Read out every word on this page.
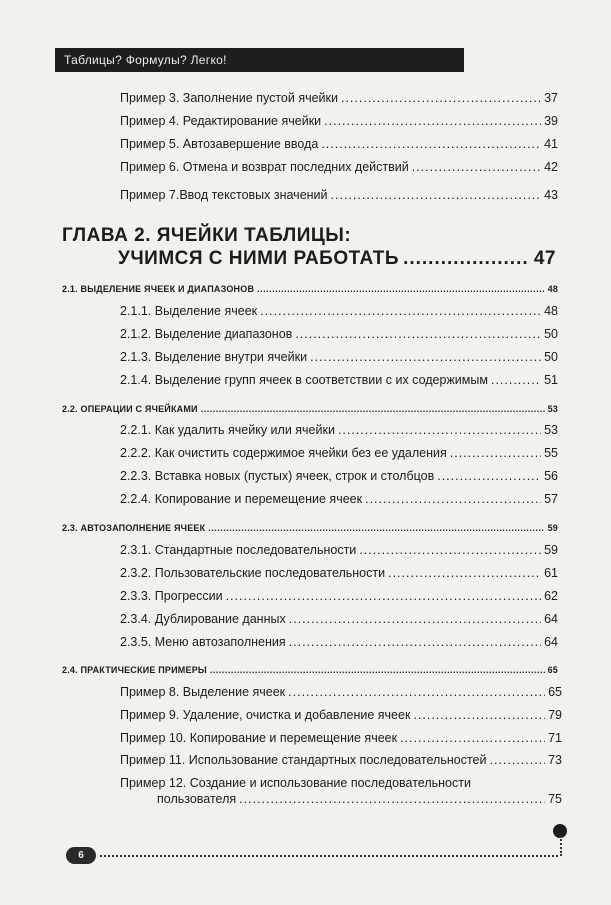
Таблицы? Формулы? Легко!
Пример 3. Заполнение пустой ячейки .....	37
Пример 4. Редактирование ячейки .....	39
Пример 5. Автозавершение ввода .....	41
Пример 6. Отмена и возврат последних действий .....	42
Пример 7.Ввод текстовых значений .....	43
ГЛАВА 2. ЯЧЕЙКИ ТАБЛИЦЫ:
УЧИМСЯ С НИМИ РАБОТАТЬ .....	47
2.1. ВЫДЕЛЕНИЕ ЯЧЕЕК И ДИАПАЗОНОВ .....	48
2.1.1. Выделение ячеек .....	48
2.1.2. Выделение диапазонов .....	50
2.1.3. Выделение внутри ячейки .....	50
2.1.4. Выделение групп ячеек в соответствии с их содержимым .....	51
2.2. ОПЕРАЦИИ С ЯЧЕЙКАМИ .....	53
2.2.1. Как удалить ячейку или ячейки .....	53
2.2.2. Как очистить содержимое ячейки без ее удаления .....	55
2.2.3. Вставка новых (пустых) ячеек, строк и столбцов .....	56
2.2.4. Копирование и перемещение ячеек .....	57
2.3. АВТОЗАПОЛНЕНИЕ ЯЧЕЕК .....	59
2.3.1. Стандартные последовательности .....	59
2.3.2. Пользовательские последовательности .....	61
2.3.3. Прогрессии .....	62
2.3.4. Дублирование данных .....	64
2.3.5. Меню автозаполнения .....	64
2.4. ПРАКТИЧЕСКИЕ ПРИМЕРЫ .....	65
Пример 8. Выделение ячеек .....	65
Пример 9. Удаление, очистка и добавление ячеек .....	79
Пример 10. Копирование и перемещение ячеек .....	71
Пример 11. Использование стандартных последовательностей .....	73
Пример 12. Создание и использование последовательности
пользователя .....	75
6
